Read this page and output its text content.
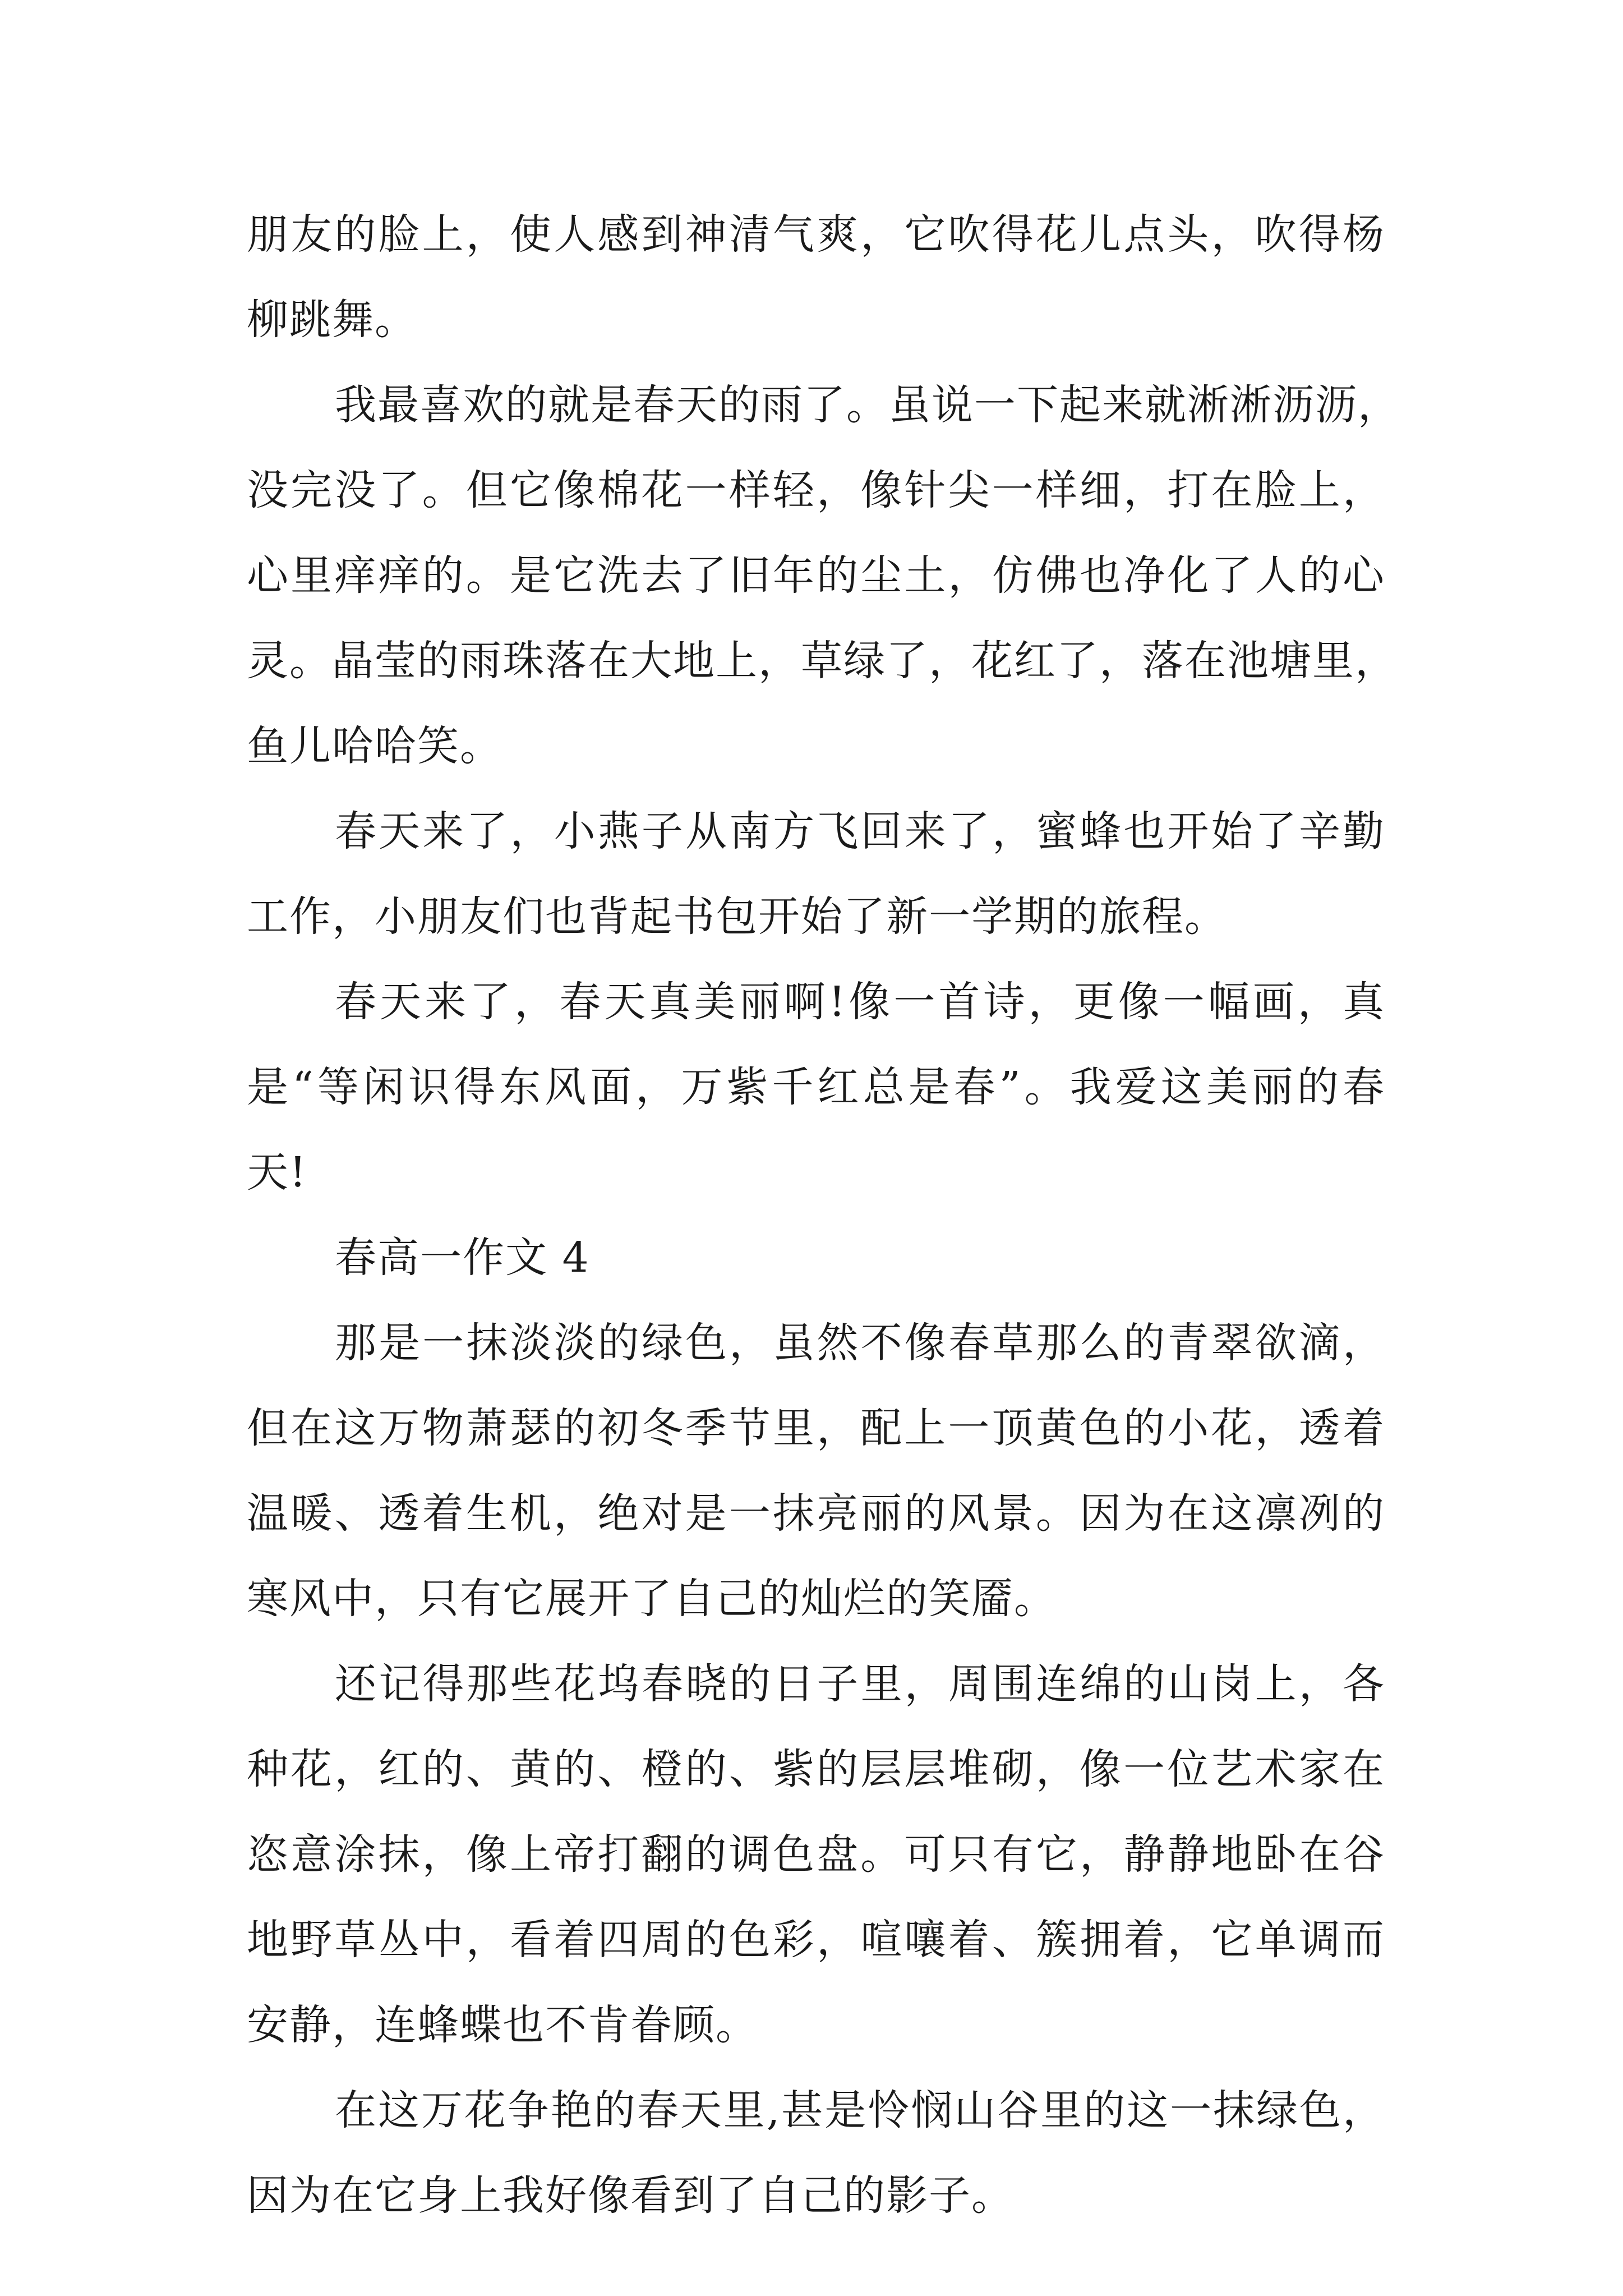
朋友的脸上，使人感到神清气爽，它吹得花儿点头，吹得杨
柳跳舞。
我最喜欢的就是春天的雨了。虽说一下起来就淅淅沥沥，
没完没了。但它像棉花一样轻，像针尖一样细，打在脸上，
心里痒痒的。是它洗去了旧年的尘土，仿佛也净化了人的心
灵。晶莹的雨珠落在大地上，草绿了，花红了，落在池塘里，
鱼儿哈哈笑。
春天来了，小燕子从南方飞回来了，蜜蜂也开始了辛勤
工作，小朋友们也背起书包开始了新一学期的旅程。
春天来了，春天真美丽啊!像一首诗，更像一幅画，真
是“等闲识得东风面，万紫千红总是春”。我爱这美丽的春
天!
春高一作文 4
那是一抹淡淡的绿色，虽然不像春草那么的青翠欲滴，
但在这万物萧瑟的初冬季节里，配上一顶黄色的小花，透着
温暖、透着生机，绝对是一抹亮丽的风景。因为在这凛冽的
寒风中，只有它展开了自己的灿烂的笑靥。
还记得那些花坞春晓的日子里，周围连绵的山岗上，各
种花，红的、黄的、橙的、紫的层层堆砌，像一位艺术家在
恣意涂抹，像上帝打翻的调色盘。可只有它，静静地卧在谷
地野草丛中，看着四周的色彩，喧嚷着、簇拥着，它单调而
安静，连蜂蝶也不肯眷顾。
在这万花争艳的春天里,甚是怜悯山谷里的这一抹绿色，
因为在它身上我好像看到了自己的影子。
